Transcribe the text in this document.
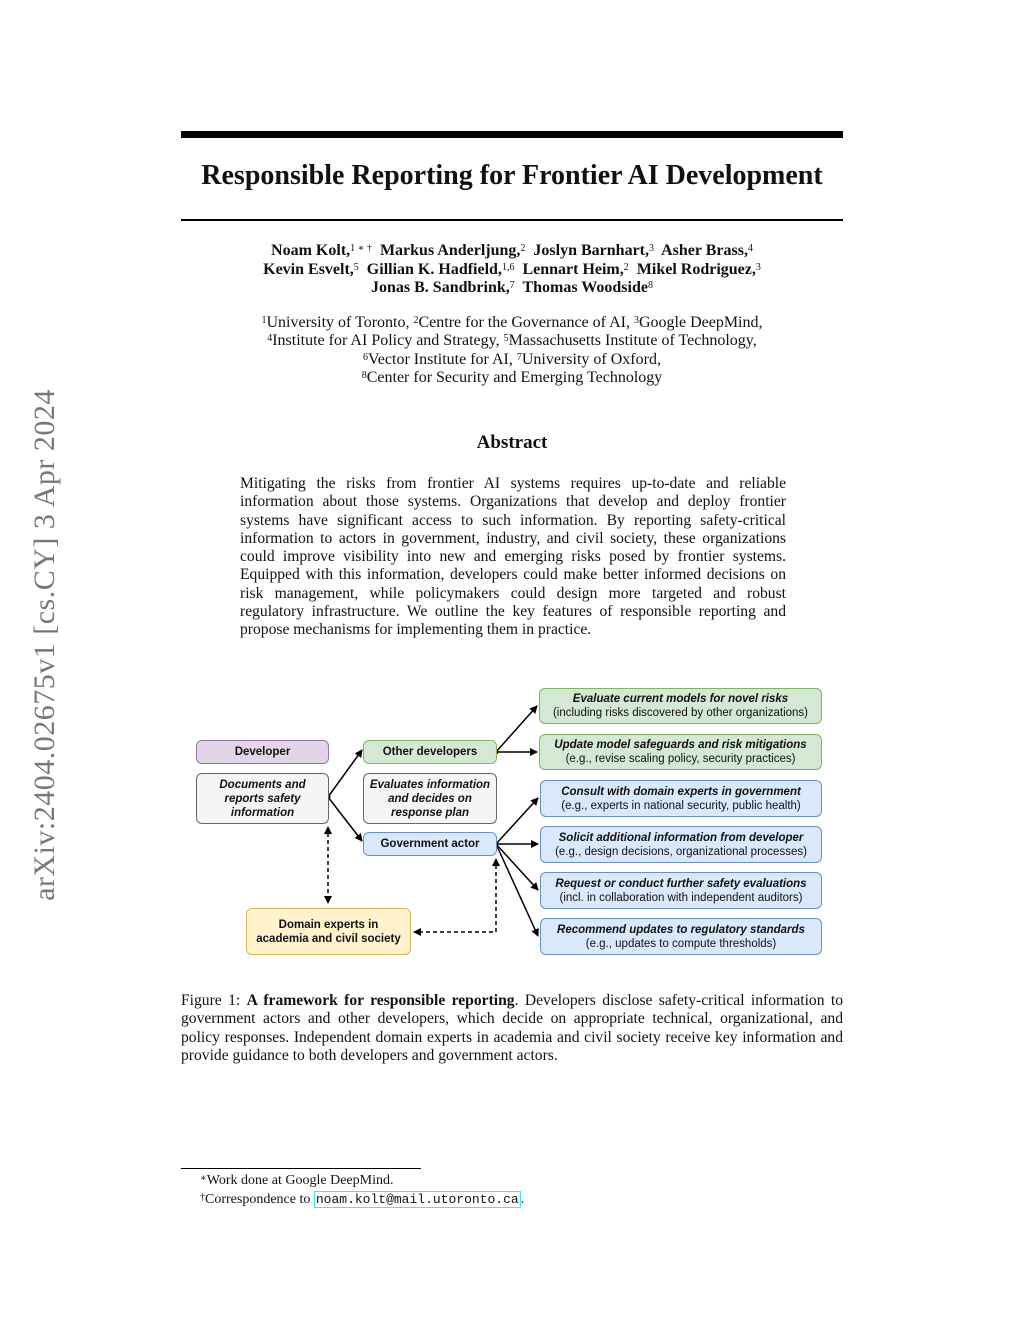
arXiv:2404.02675v1 [cs.CY] 3 Apr 2024
Responsible Reporting for Frontier AI Development
Noam Kolt,$^{1 ∗ \dagger}$ Markus Anderljung,$^2$ Joslyn Barnhart,$^3$ Asher Brass,$^4$
Kevin Esvelt,$^5$ Gillian K. Hadfield,$^{1,6}$ Lennart Heim,$^2$ Mikel Rodriguez,$^3$
Jonas B. Sandbrink,$^7$ Thomas Woodside$^8$
$^1$University of Toronto, $^2$Centre for the Governance of AI, $^3$Google DeepMind,
$^4$Institute for AI Policy and Strategy, $^5$Massachusetts Institute of Technology,
$^6$Vector Institute for AI, $^7$University of Oxford,
$^8$Center for Security and Emerging Technology
Abstract

Mitigating the risks from frontier AI systems requires up-to-date and reliable information about those systems. Organizations that develop and deploy frontier systems have significant access to such information. By reporting safety-critical information to actors in government, industry, and civil society, these organizations could improve visibility into new and emerging risks posed by frontier systems. Equipped with this information, developers could make better informed decisions on risk management, while policymakers could design more targeted and robust regulatory infrastructure. We outline the key features of responsible reporting and propose mechanisms for implementing them in practice.

Developer
Documents and
reports safety
information
Other developers
Evaluates information
and decides on
response plan
Government actor
Domain experts in
academia and civil society
Evaluate current models for novel risks
(including risks discovered by other organizations)
Update model safeguards and risk mitigations
(e.g., revise scaling policy, security practices)
Consult with domain experts in government
(e.g., experts in national security, public health)
Solicit additional information from developer
(e.g., design decisions, organizational processes)
Request or conduct further safety evaluations
(incl. in collaboration with independent auditors)
Recommend updates to regulatory standards
(e.g., updates to compute thresholds)

Figure 1: A framework for responsible reporting. Developers disclose safety-critical information to government actors and other developers, which decide on appropriate technical, organizational, and policy responses. Independent domain experts in academia and civil society receive key information and provide guidance to both developers and government actors.

∗Work done at Google DeepMind.
†Correspondence to noam.kolt@mail.utoronto.ca .
